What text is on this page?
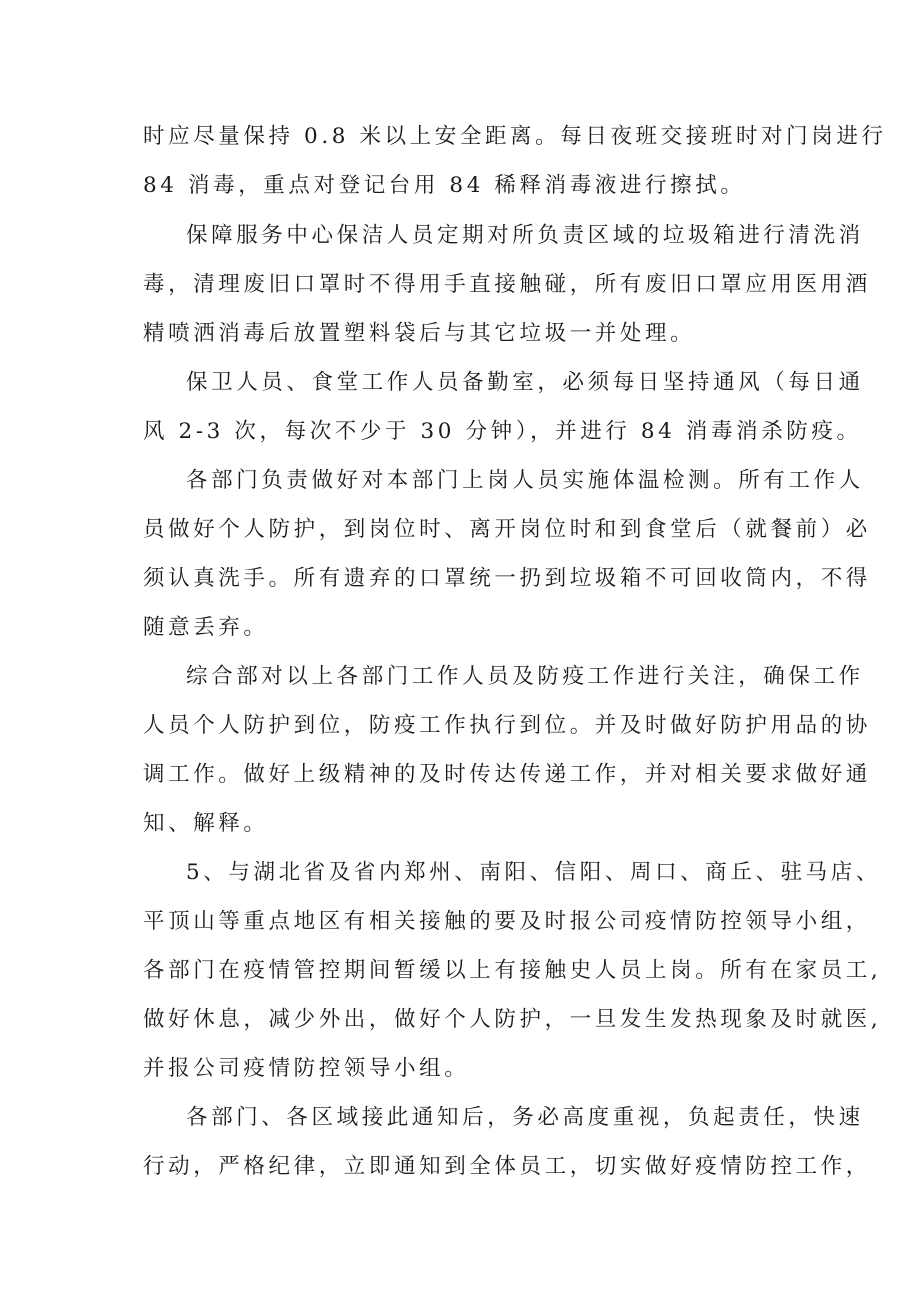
时应尽量保持 0.8 米以上安全距离。每日夜班交接班时对门岗进行
84 消毒，重点对登记台用 84 稀释消毒液进行擦拭。
保障服务中心保洁人员定期对所负责区域的垃圾箱进行清洗消
毒，清理废旧口罩时不得用手直接触碰，所有废旧口罩应用医用酒
精喷洒消毒后放置塑料袋后与其它垃圾一并处理。
保卫人员、食堂工作人员备勤室，必须每日坚持通风（每日通
风 2-3 次，每次不少于 30 分钟），并进行 84 消毒消杀防疫。
各部门负责做好对本部门上岗人员实施体温检测。所有工作人
员做好个人防护，到岗位时、离开岗位时和到食堂后（就餐前）必
须认真洗手。所有遗弃的口罩统一扔到垃圾箱不可回收筒内，不得
随意丢弃。
综合部对以上各部门工作人员及防疫工作进行关注，确保工作
人员个人防护到位，防疫工作执行到位。并及时做好防护用品的协
调工作。做好上级精神的及时传达传递工作，并对相关要求做好通
知、解释。
5、与湖北省及省内郑州、南阳、信阳、周口、商丘、驻马店、
平顶山等重点地区有相关接触的要及时报公司疫情防控领导小组，
各部门在疫情管控期间暂缓以上有接触史人员上岗。所有在家员工,
做好休息，减少外出，做好个人防护，一旦发生发热现象及时就医,
并报公司疫情防控领导小组。
各部门、各区域接此通知后，务必高度重视，负起责任，快速
行动，严格纪律，立即通知到全体员工，切实做好疫情防控工作，
